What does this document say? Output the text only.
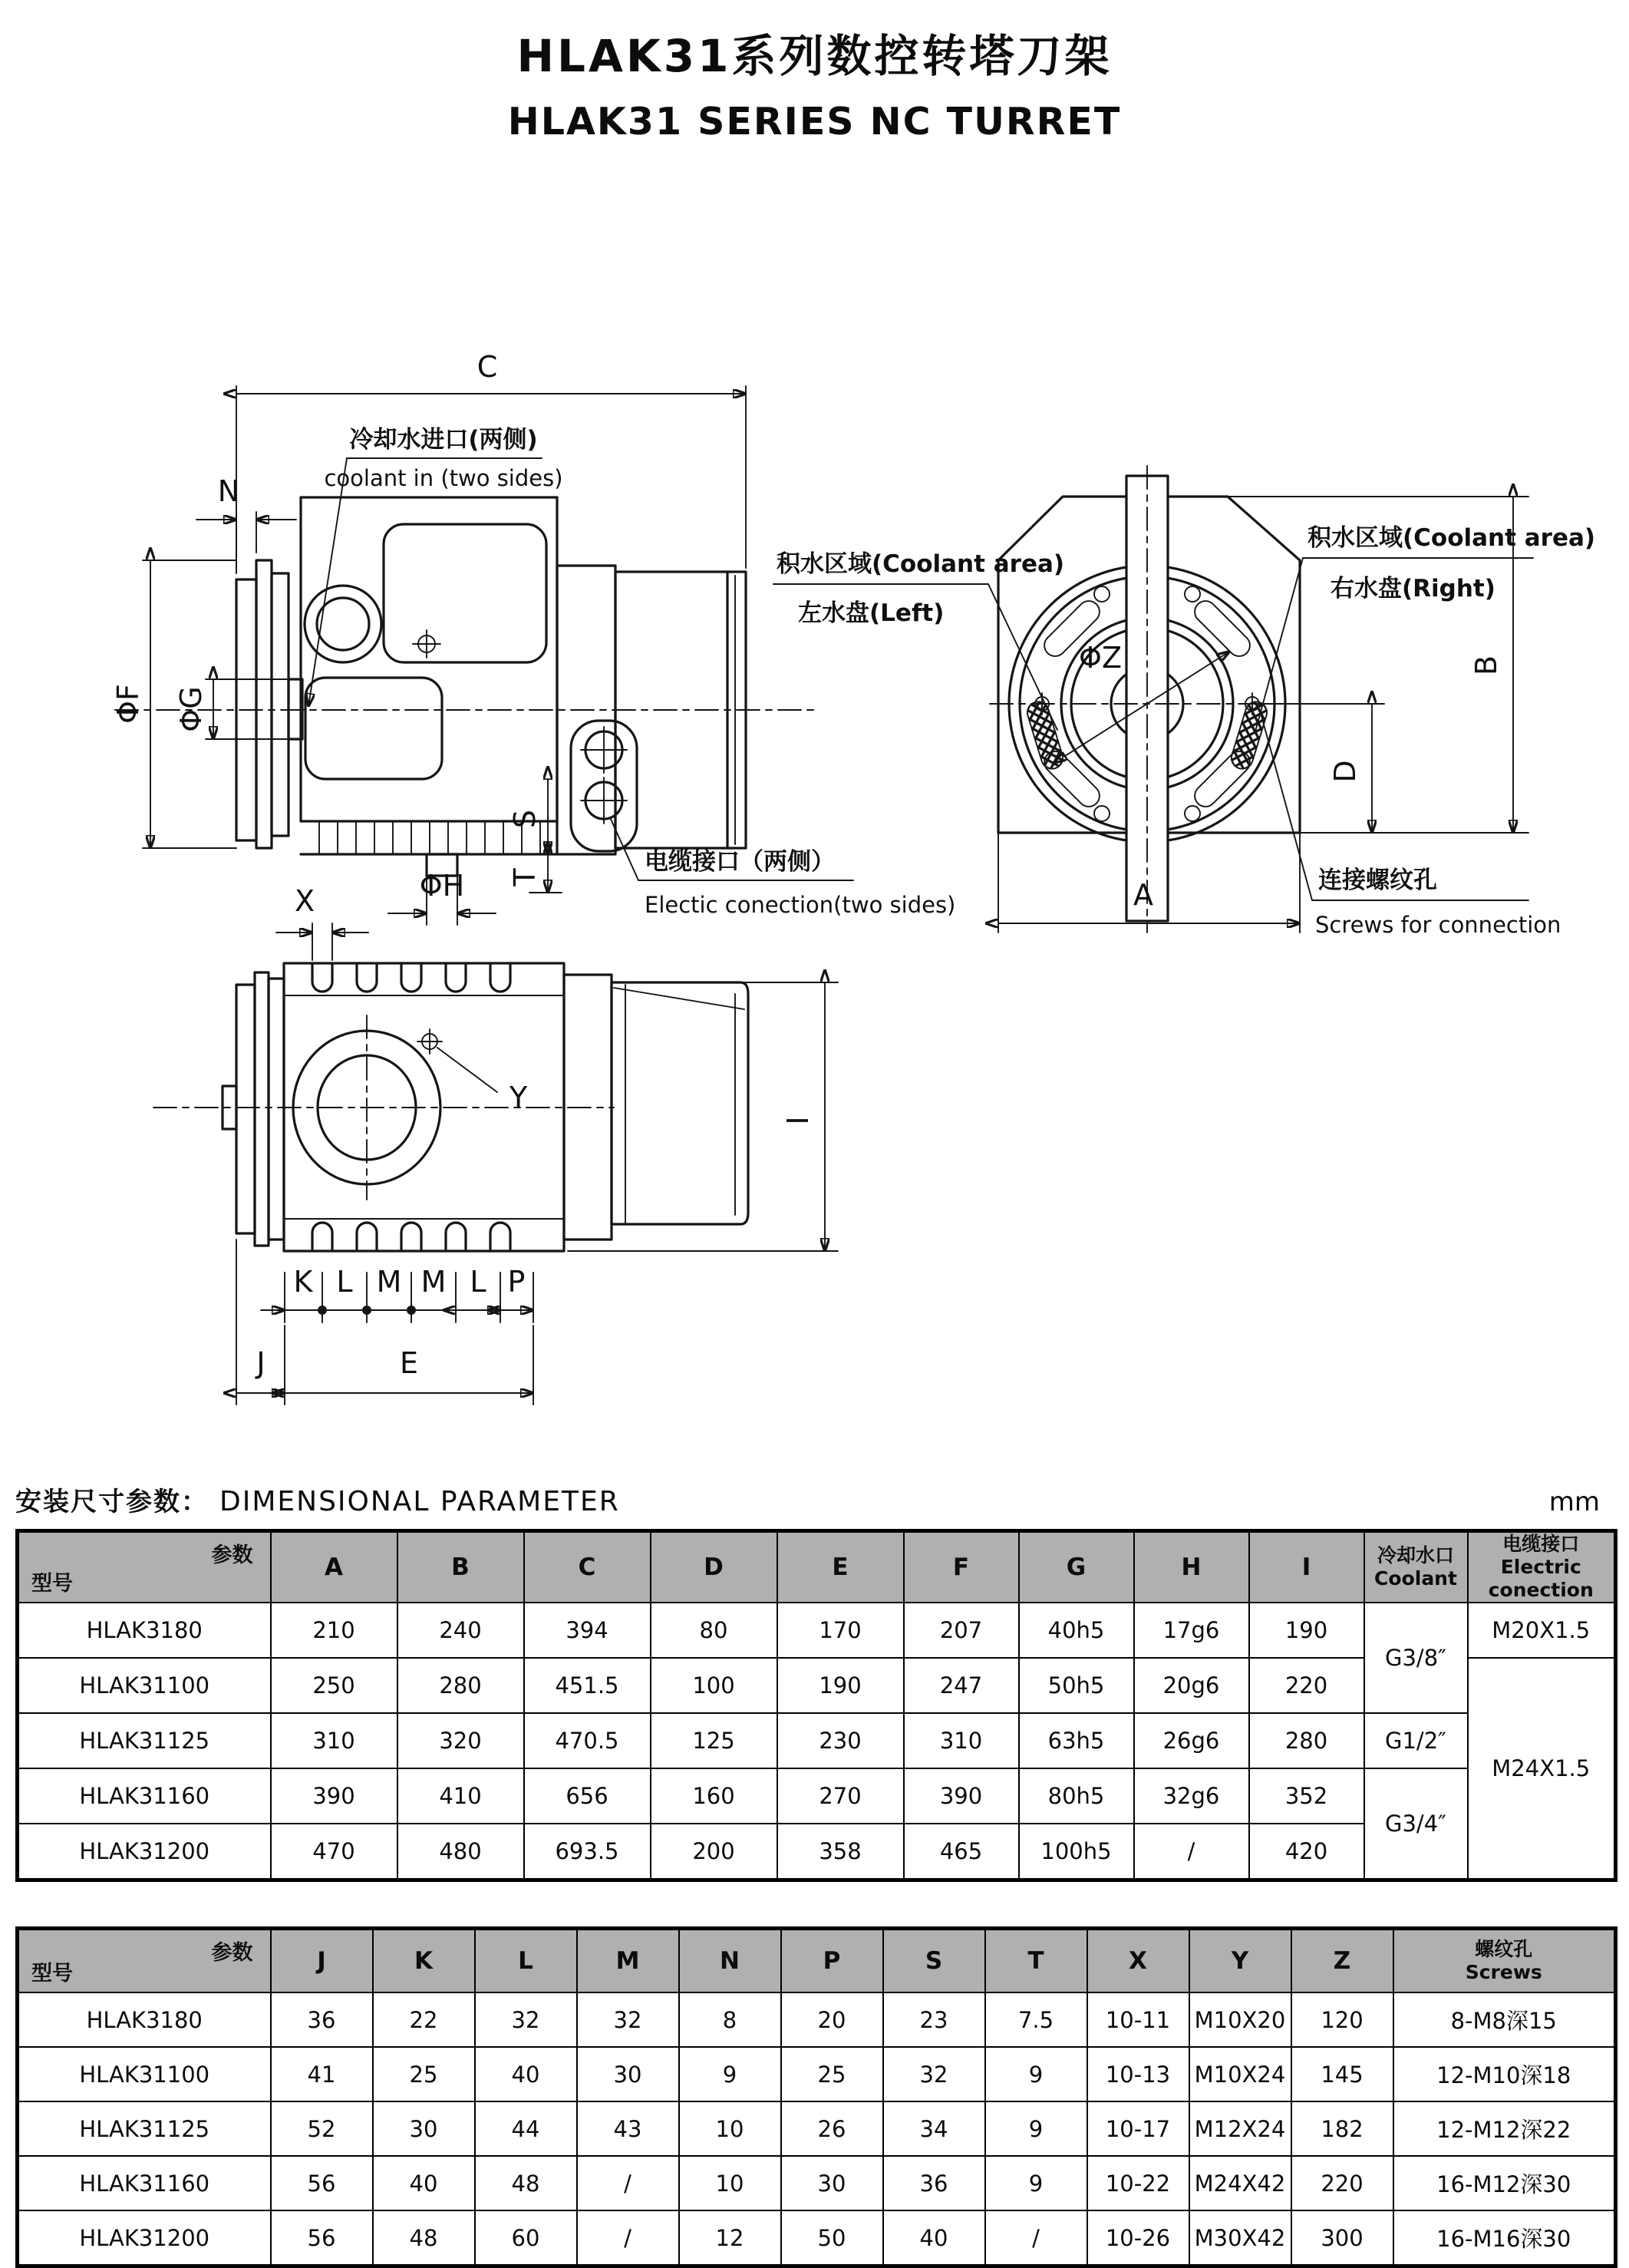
HLAK31系列数控转塔刀架
HLAK31 SERIES NC TURRET
C
N
ΦF ΦG
ΦH
S
T
冷却水进口(两侧)
coolant in (two sides)
电缆接口（两侧）
Electic conection(two sides)
ΦZ
A
B
D
积水区域(Coolant area)
左水盘(Left)
积水区域(Coolant area)
右水盘(Right)
连接螺纹孔
Screws for connection
Y
X
I
K L M M L P
J	E
安装尺寸参数： DIMENSIONAL PARAMETER	mm
参数
型号
	A	B	C	D	E	F	G	H	I	冷却水口
Coolant

电缆接口
Electric conection

HLAK3180	210	240	394	80	170	207	40h5	17g6	190	G3/8″	M20X1.5
HLAK31100	250	280	451.5	100	190	247	50h5	20g6	220		M24X1.5
HLAK31125	310	320	470.5	125	230	310	63h5	26g6	280	G1/2″	
HLAK31160	390	410	656	160	270	390	80h5	32g6	352	G3/4″	
HLAK31200	470	480	693.5	200	358	465	100h5	/	420		
参数
型号	J	K	L	M	N	P	S	T	X	Y	Z	螺纹孔
Screws

HLAK3180	36	22	32	32	8	20	23	7.5	10-11	M10X20	120	8-M8深15
HLAK31100	41	25	40	30	9	25	32	9	10-13	M10X24	145	12-M10深18
HLAK31125	52	30	44	43	10	26	34	9	10-17	M12X24	182	12-M12深22
HLAK31160	56	40	48	/	10	30	36	9	10-22	M24X42	220	16-M12深30
HLAK31200	56	48	60	/	12	50	40	/	10-26	M30X42	300	16-M16深30
